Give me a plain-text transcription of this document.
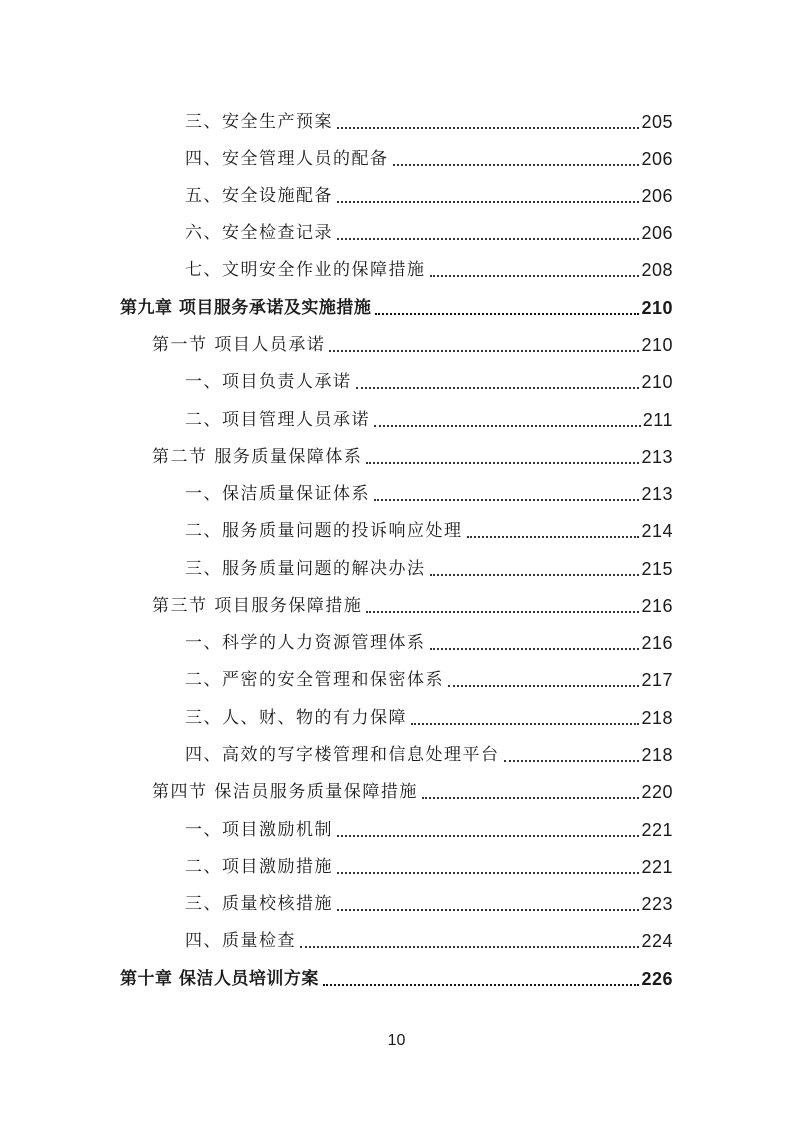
三、安全生产预案	205
四、安全管理人员的配备	206
五、安全设施配备	206
六、安全检查记录	206
七、文明安全作业的保障措施	208
第九章 项目服务承诺及实施措施	210
第一节 项目人员承诺	210
一、项目负责人承诺	210
二、项目管理人员承诺	211
第二节 服务质量保障体系	213
一、保洁质量保证体系	213
二、服务质量问题的投诉响应处理	214
三、服务质量问题的解决办法	215
第三节 项目服务保障措施	216
一、科学的人力资源管理体系	216
二、严密的安全管理和保密体系	217
三、人、财、物的有力保障	218
四、高效的写字楼管理和信息处理平台	218
第四节 保洁员服务质量保障措施	220
一、项目激励机制	221
二、项目激励措施	221
三、质量校核措施	223
四、质量检查	224
第十章 保洁人员培训方案	226
10
